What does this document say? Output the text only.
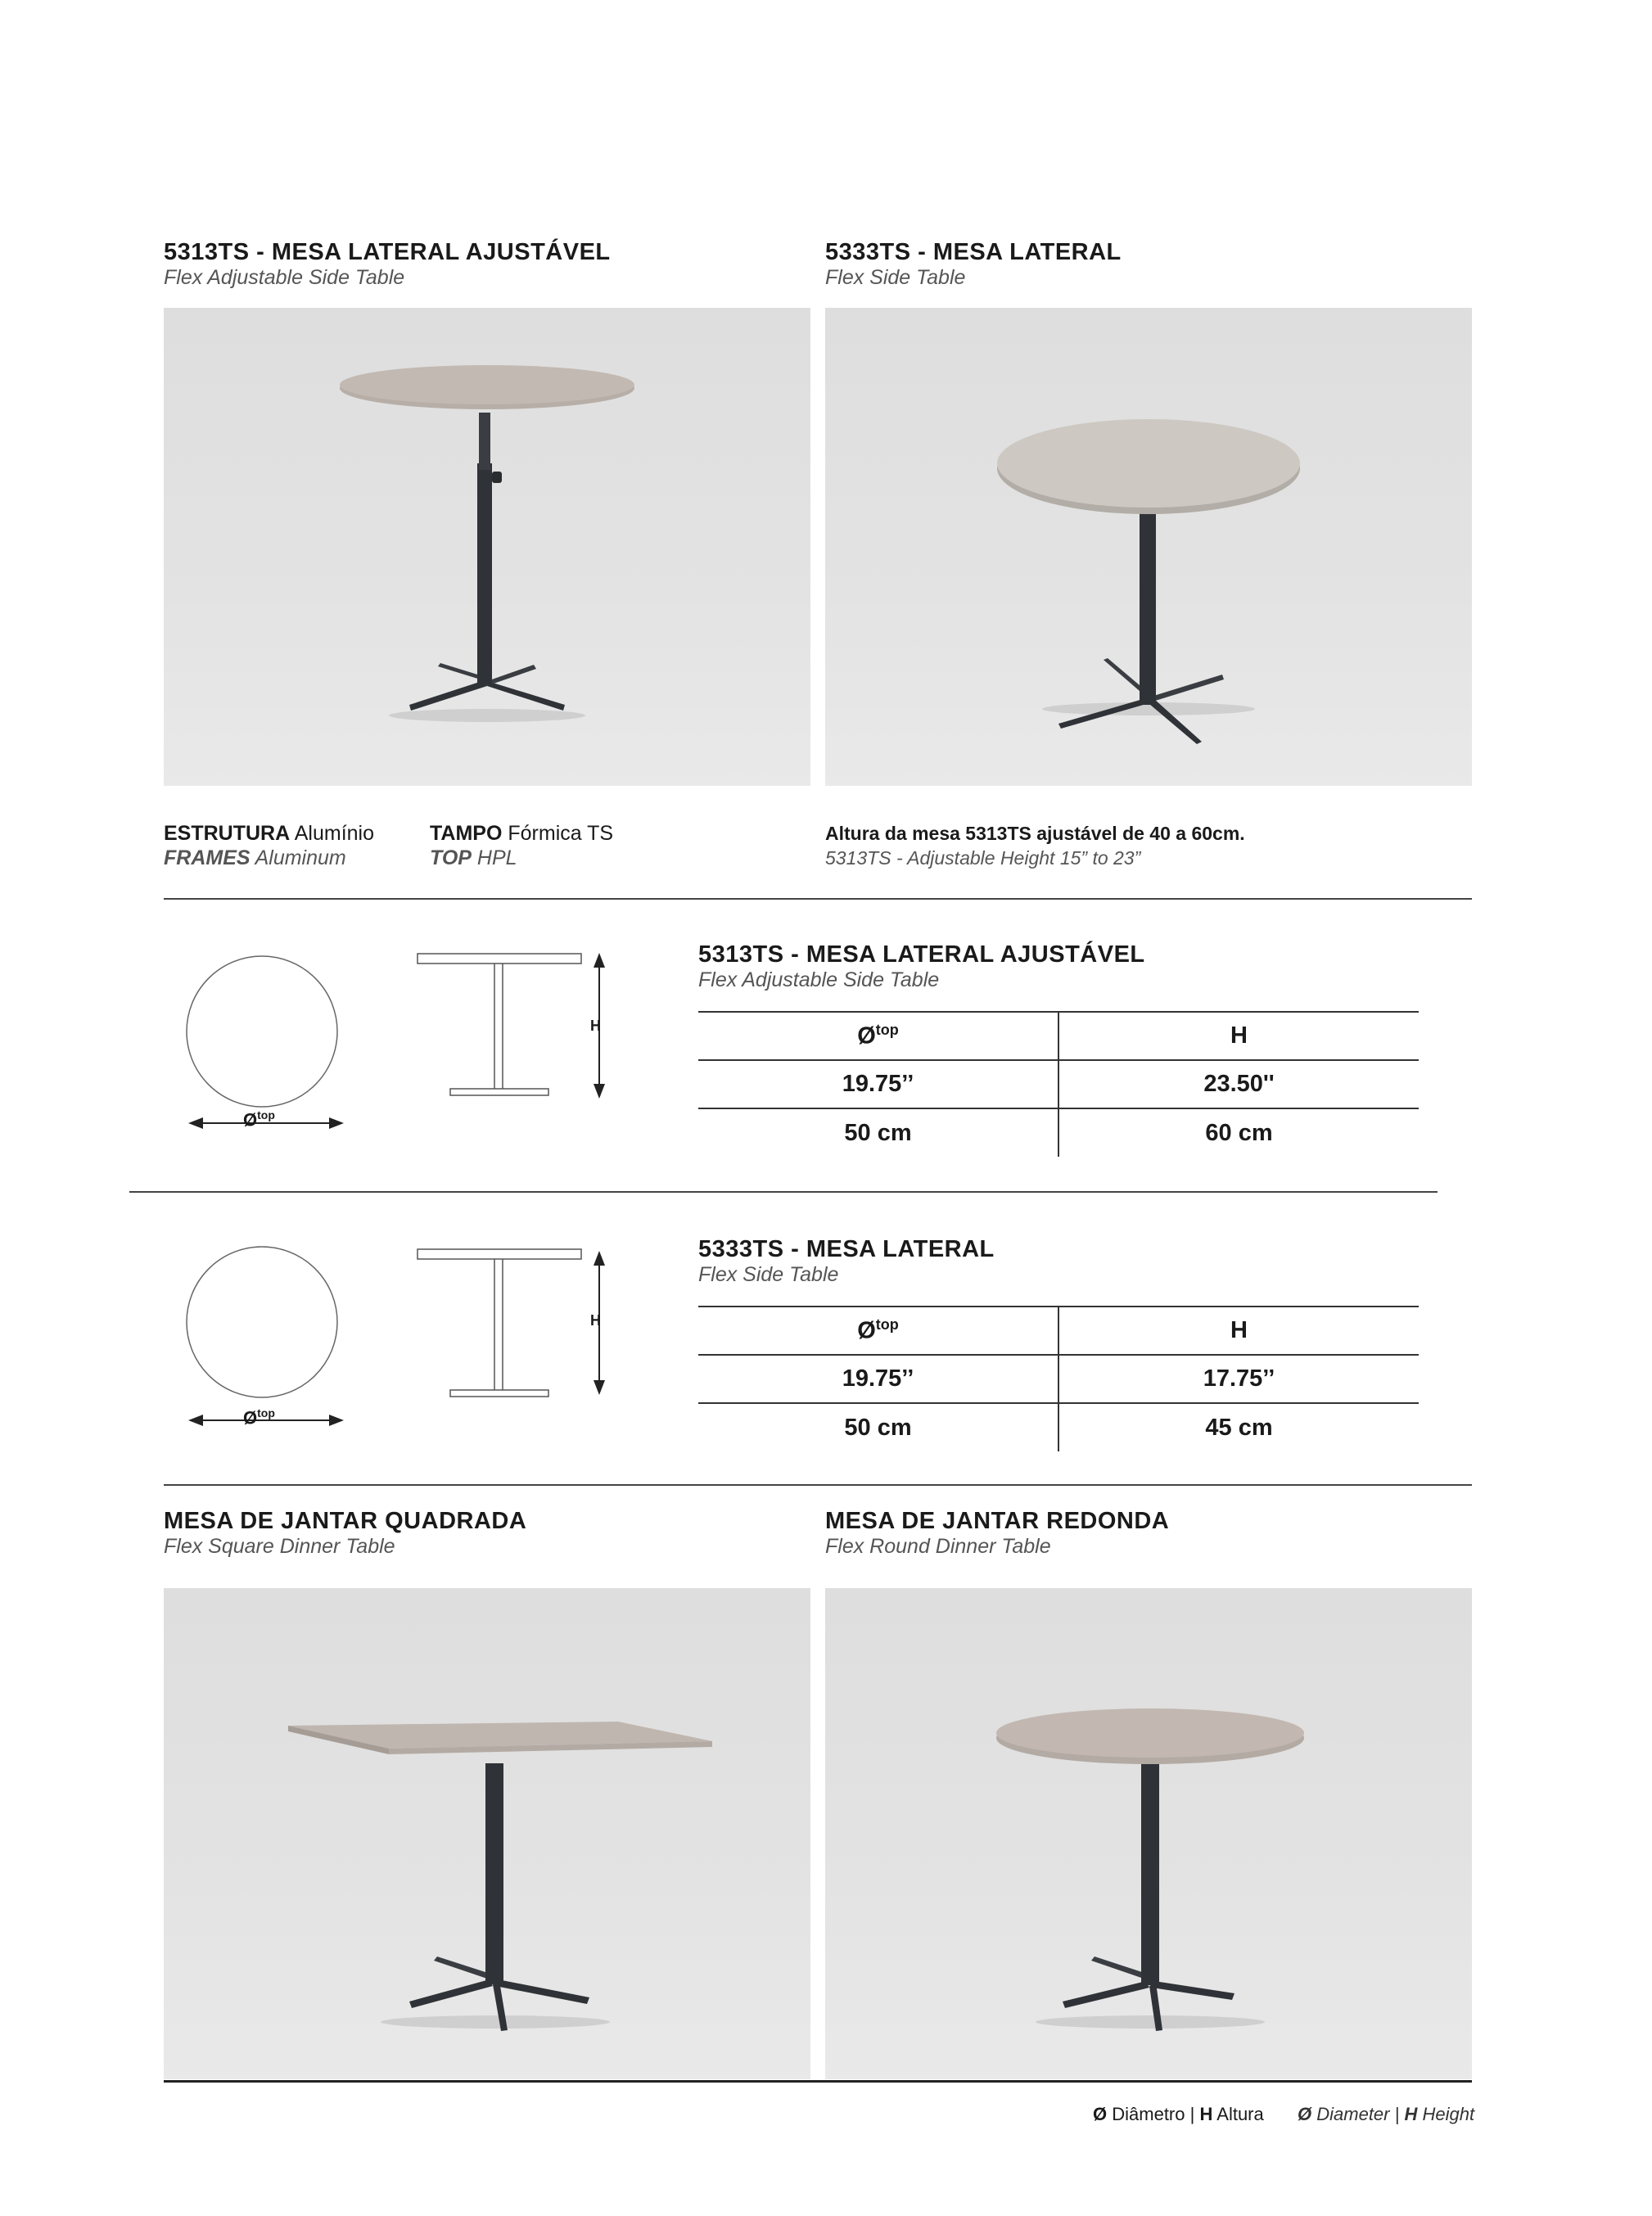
5313TS - MESA LATERAL AJUSTÁVEL
Flex Adjustable Side Table
5333TS - MESA LATERAL
Flex Side Table
ESTRUTURA Alumínio
FRAMES Aluminum
TAMPO Fórmica TS
TOP HPL
Altura da mesa 5313TS ajustável de 40 a 60cm.
5313TS - Adjustable Height 15” to 23”
$Ø^{top}$
H
5313TS - MESA LATERAL AJUSTÁVEL
Flex Adjustable Side Table
$Ø^{top}$	H
19.75’’	23.50''
50 cm	60 cm
$Ø^{top}$
H
5333TS - MESA LATERAL
Flex Side Table
$Ø^{top}$	H
19.75’’	17.75’’
50 cm	45 cm
MESA DE JANTAR QUADRADA
Flex Square Dinner Table
MESA DE JANTAR REDONDA
Flex Round Dinner Table
Ø Diâmetro | H Altura Ø Diameter | H Height
